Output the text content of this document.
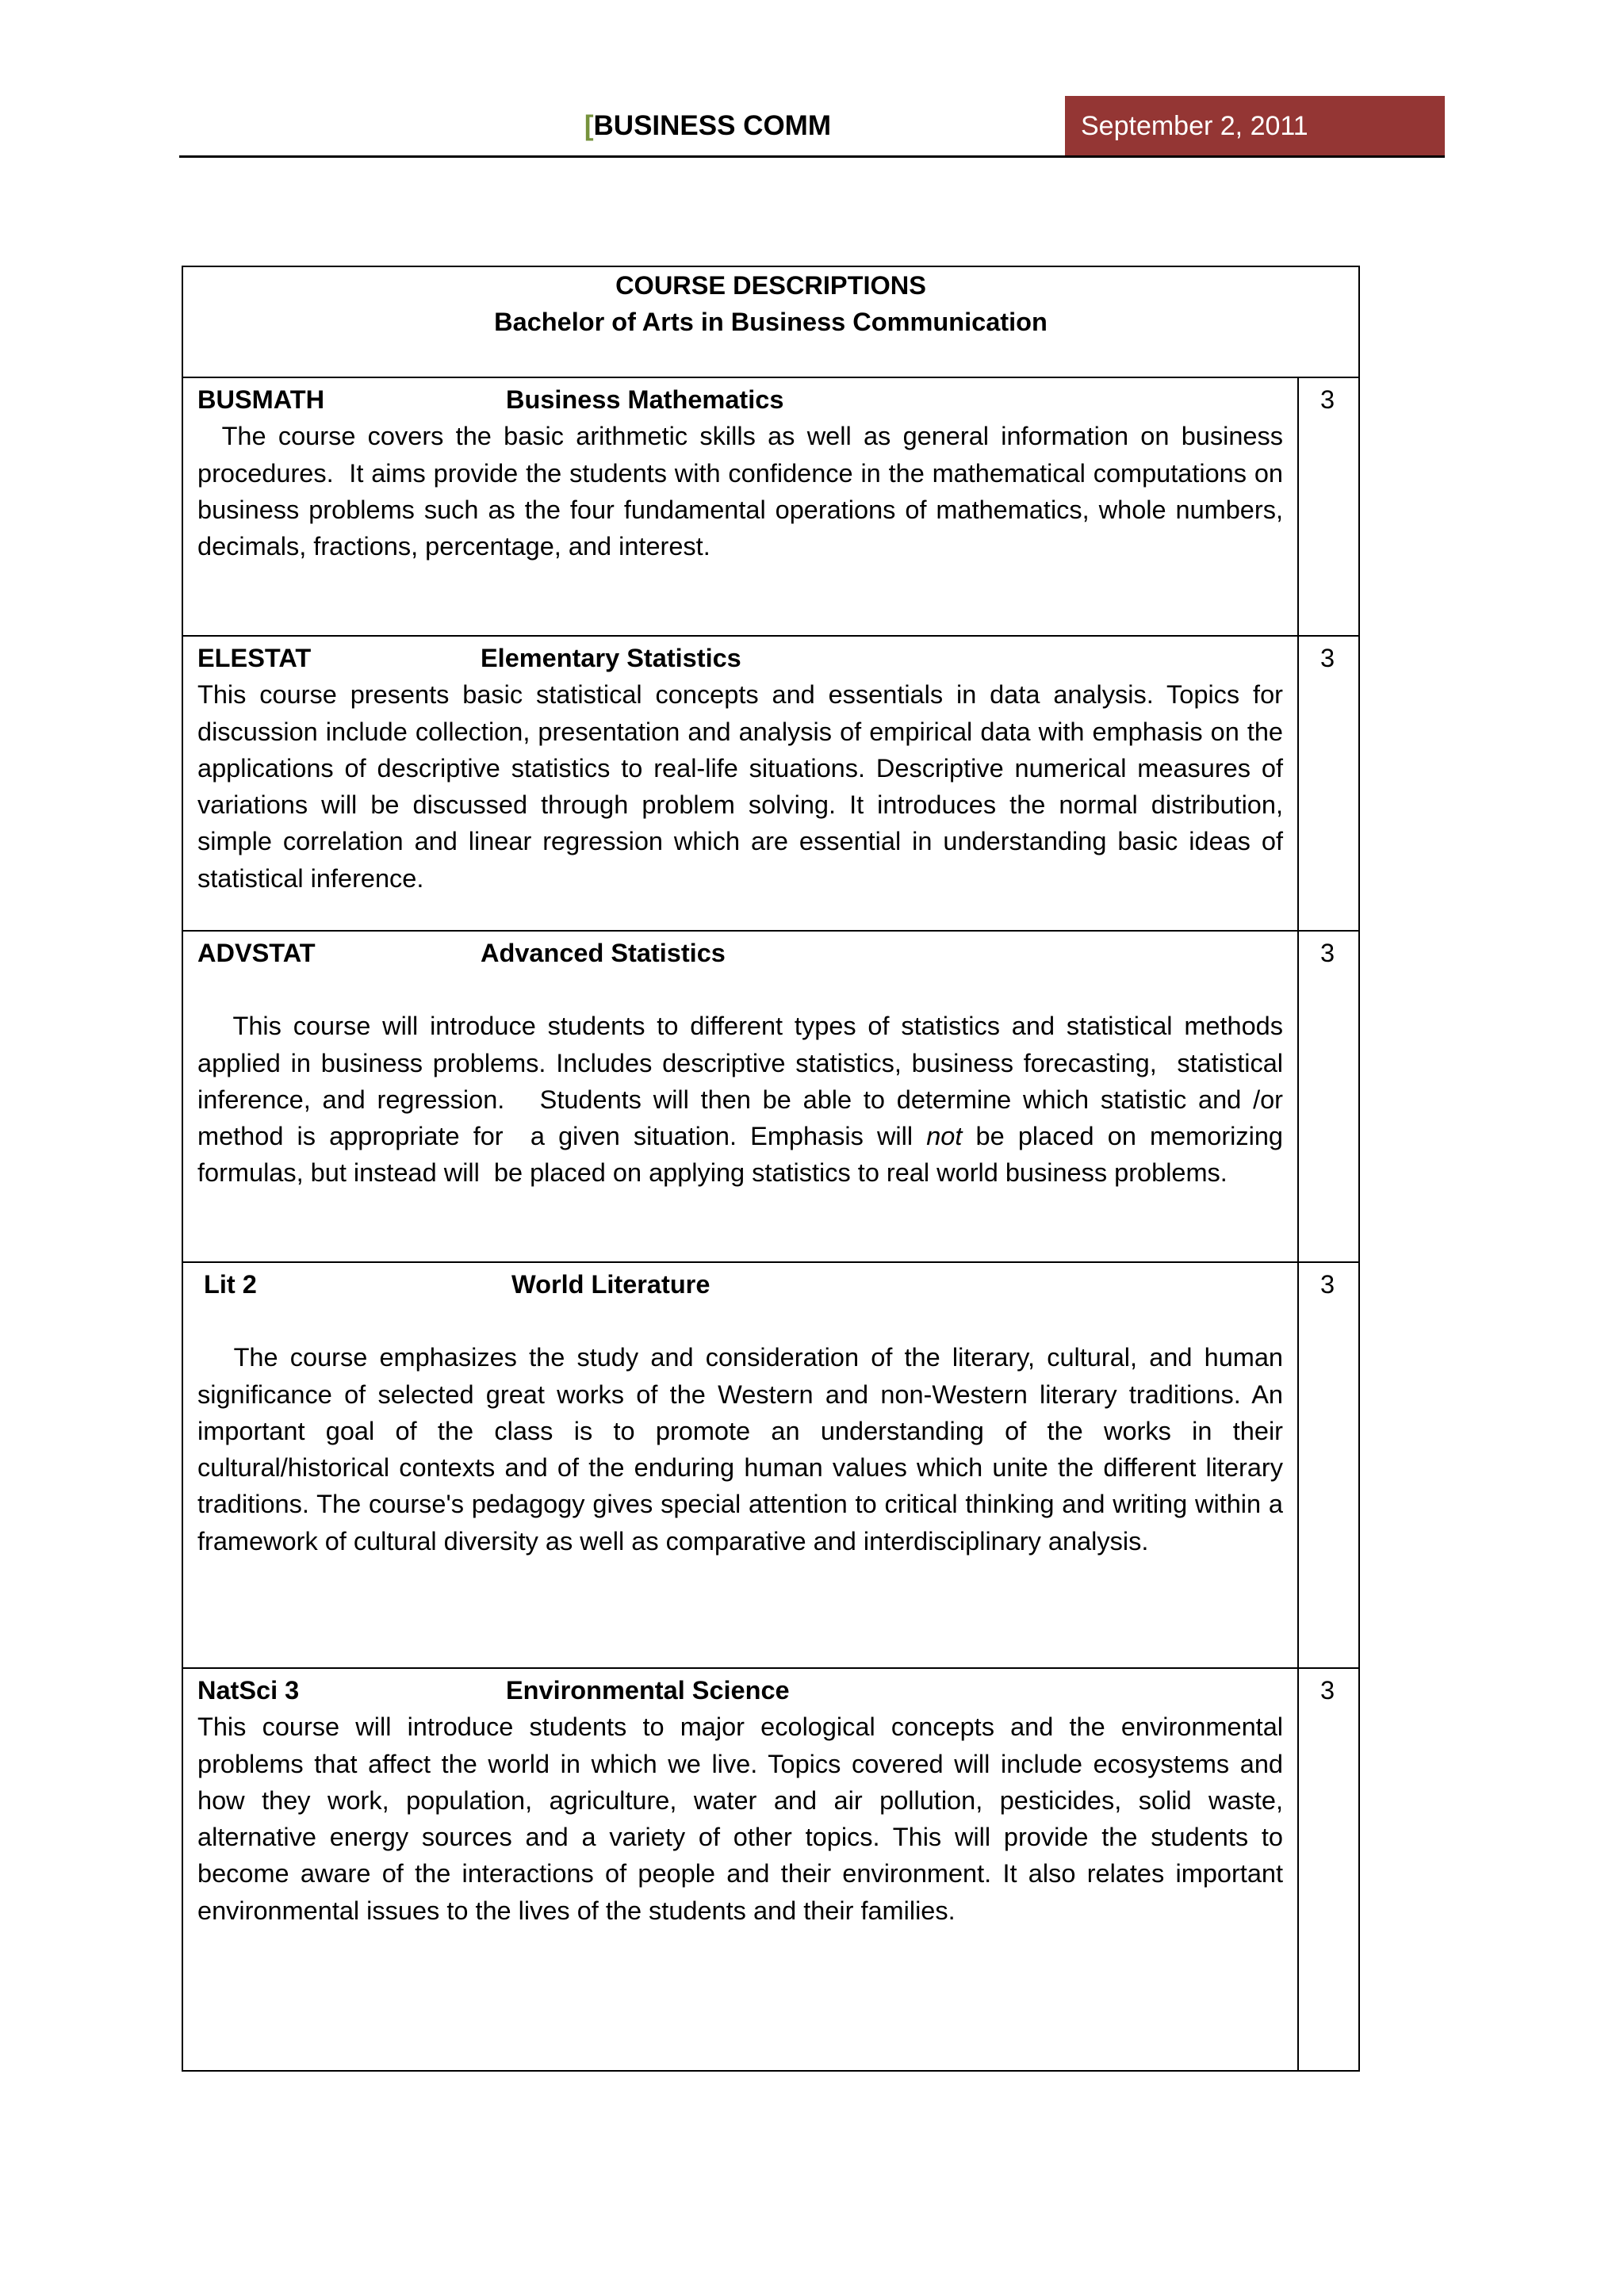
[BUSINESS COMM	September 2, 2011
COURSE DESCRIPTIONS
Bachelor of Arts in Business Communication	

BUSMATH Business Mathematics

The course covers the basic arithmetic skills as well as general information on business procedures.  It aims provide the students with confidence in the mathematical computations on business problems such as the four fundamental operations of mathematics, whole numbers, decimals, fractions, percentage, and interest.	3

ELESTAT Elementary Statistics

This course presents basic statistical concepts and essentials in data analysis. Topics for discussion include collection, presentation and analysis of empirical data with emphasis on the applications of descriptive statistics to real-life situations. Descriptive numerical measures of variations will be discussed through problem solving. It introduces the normal distribution, simple correlation and linear regression which are essential in understanding basic ideas of statistical inference.	3

ADVSTAT Advanced Statistics

This course will introduce students to different types of statistics and statistical methods applied in business problems. Includes descriptive statistics, business forecasting,  statistical inference, and regression.   Students will then be able to determine which statistic and /or method is appropriate for  a given situation. Emphasis will not be placed on memorizing formulas, but instead will  be placed on applying statistics to real world business problems.	3

Lit 2 World Literature

The course emphasizes the study and consideration of the literary, cultural, and human significance of selected great works of the Western and non-Western literary traditions. An important goal of the class is to promote an understanding of the works in their cultural/historical contexts and of the enduring human values which unite the different literary traditions. The course's pedagogy gives special attention to critical thinking and writing within a framework of cultural diversity as well as comparative and interdisciplinary analysis.	3

NatSci 3 Environmental Science

This course will introduce students to major ecological concepts and the environmental problems that affect the world in which we live. Topics covered will include ecosystems and how they work, population, agriculture, water and air pollution, pesticides, solid waste, alternative energy sources and a variety of other topics. This will provide the students to become aware of the interactions of people and their environment. It also relates important environmental issues to the lives of the students and their families.	3
